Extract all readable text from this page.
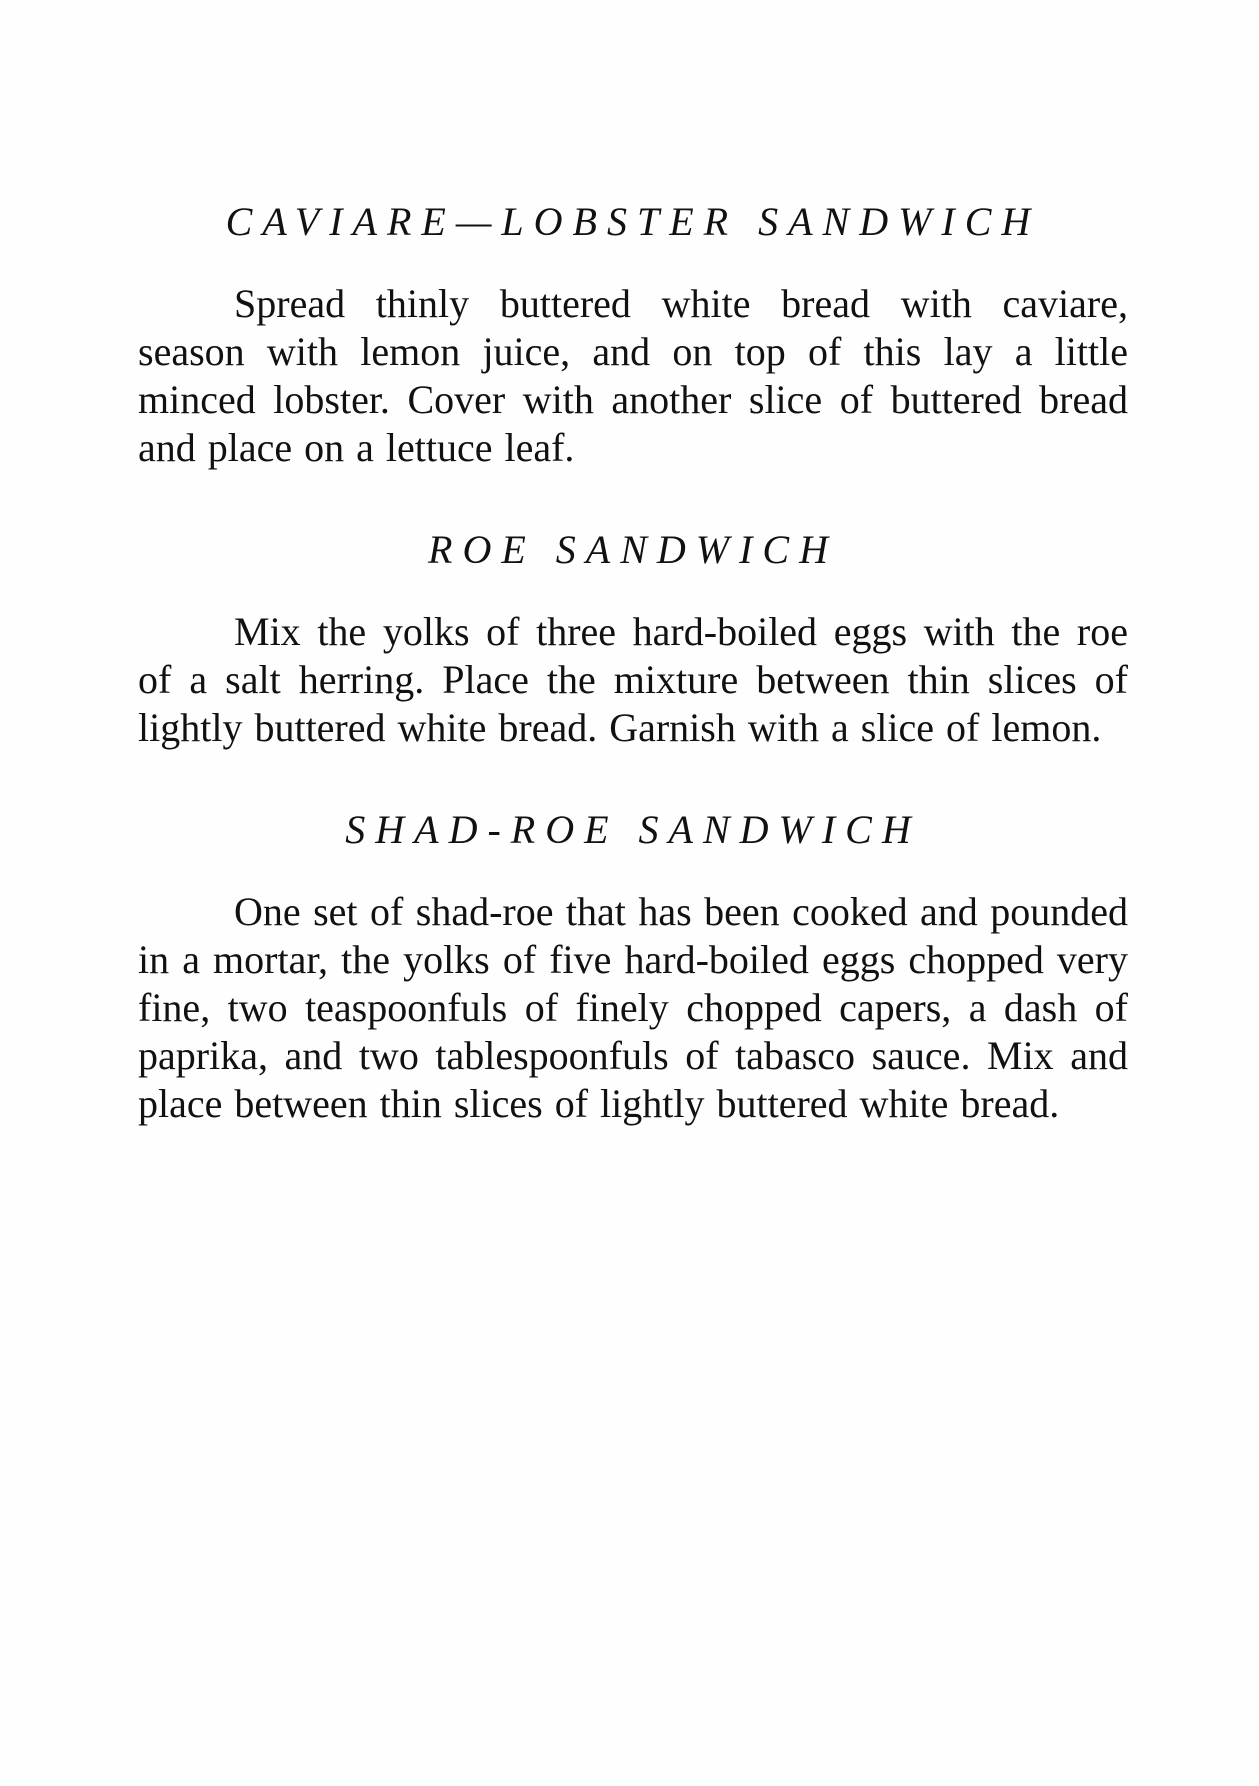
CAVIARE—LOBSTER SANDWICH

Spread thinly buttered white bread with caviare, season with lemon juice, and on top of this lay a little minced lobster. Cover with another slice of buttered bread and place on a lettuce leaf.

ROE SANDWICH

Mix the yolks of three hard-boiled eggs with the roe of a salt herring. Place the mixture between thin slices of lightly buttered white bread. Garnish with a slice of lemon.

SHAD-ROE SANDWICH

One set of shad-roe that has been cooked and pounded in a mortar, the yolks of five hard-boiled eggs chopped very fine, two teaspoonfuls of finely chopped capers, a dash of paprika, and two tablespoonfuls of tabasco sauce. Mix and place between thin slices of lightly buttered white bread.
